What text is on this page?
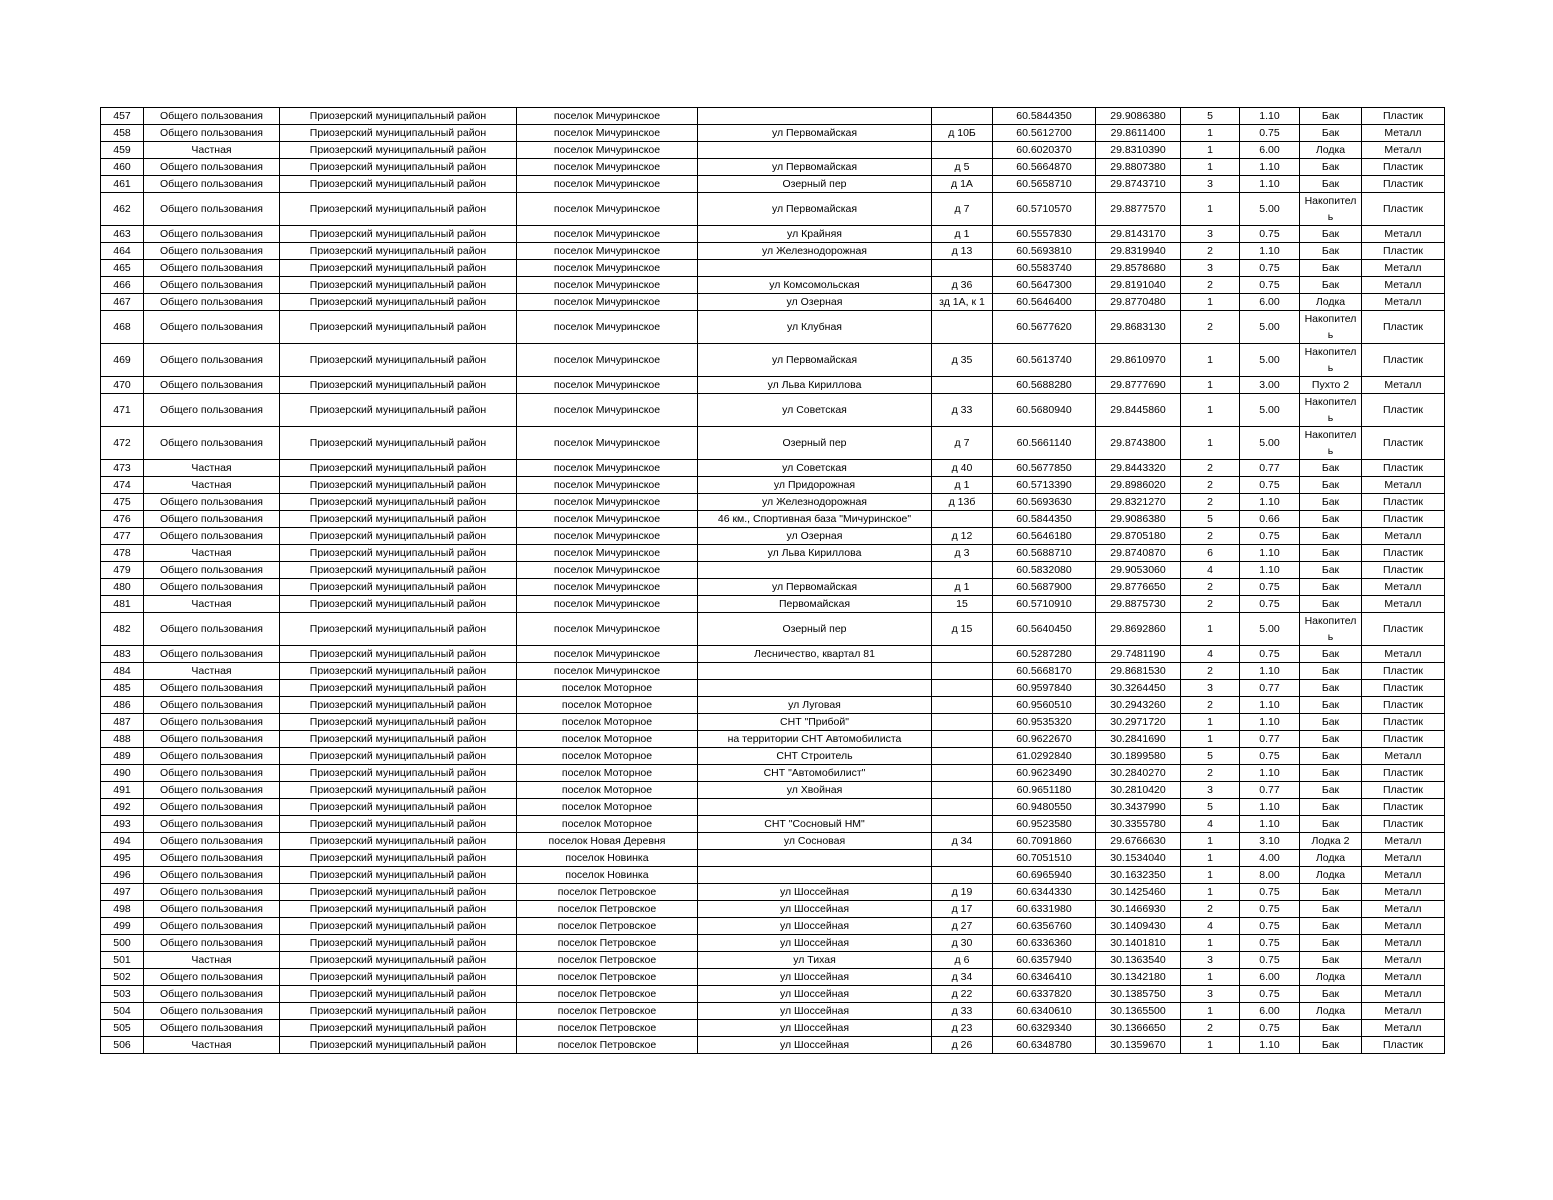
457	Общего пользования	Приозерский муниципальный район	поселок Мичуринское			60.5844350	29.9086380	5	1.10	Бак	Пластик
458	Общего пользования	Приозерский муниципальный район	поселок Мичуринское	ул Первомайская	д 10Б	60.5612700	29.8611400	1	0.75	Бак	Металл
459	Частная	Приозерский муниципальный район	поселок Мичуринское			60.6020370	29.8310390	1	6.00	Лодка	Металл
460	Общего пользования	Приозерский муниципальный район	поселок Мичуринское	ул Первомайская	д 5	60.5664870	29.8807380	1	1.10	Бак	Пластик
461	Общего пользования	Приозерский муниципальный район	поселок Мичуринское	Озерный пер	д 1А	60.5658710	29.8743710	3	1.10	Бак	Пластик
462	Общего пользования	Приозерский муниципальный район	поселок Мичуринское	ул Первомайская	д 7	60.5710570	29.8877570	1	5.00	Накопитель	Пластик
463	Общего пользования	Приозерский муниципальный район	поселок Мичуринское	ул Крайняя	д 1	60.5557830	29.8143170	3	0.75	Бак	Металл
464	Общего пользования	Приозерский муниципальный район	поселок Мичуринское	ул Железнодорожная	д 13	60.5693810	29.8319940	2	1.10	Бак	Пластик
465	Общего пользования	Приозерский муниципальный район	поселок Мичуринское			60.5583740	29.8578680	3	0.75	Бак	Металл
466	Общего пользования	Приозерский муниципальный район	поселок Мичуринское	ул Комсомольская	д 36	60.5647300	29.8191040	2	0.75	Бак	Металл
467	Общего пользования	Приозерский муниципальный район	поселок Мичуринское	ул Озерная	зд 1А, к 1	60.5646400	29.8770480	1	6.00	Лодка	Металл
468	Общего пользования	Приозерский муниципальный район	поселок Мичуринское	ул Клубная		60.5677620	29.8683130	2	5.00	Накопитель	Пластик
469	Общего пользования	Приозерский муниципальный район	поселок Мичуринское	ул Первомайская	д 35	60.5613740	29.8610970	1	5.00	Накопитель	Пластик
470	Общего пользования	Приозерский муниципальный район	поселок Мичуринское	ул Льва Кириллова		60.5688280	29.8777690	1	3.00	Пухто 2	Металл
471	Общего пользования	Приозерский муниципальный район	поселок Мичуринское	ул Советская	д 33	60.5680940	29.8445860	1	5.00	Накопитель	Пластик
472	Общего пользования	Приозерский муниципальный район	поселок Мичуринское	Озерный пер	д 7	60.5661140	29.8743800	1	5.00	Накопитель	Пластик
473	Частная	Приозерский муниципальный район	поселок Мичуринское	ул Советская	д 40	60.5677850	29.8443320	2	0.77	Бак	Пластик
474	Частная	Приозерский муниципальный район	поселок Мичуринское	ул Придорожная	д 1	60.5713390	29.8986020	2	0.75	Бак	Металл
475	Общего пользования	Приозерский муниципальный район	поселок Мичуринское	ул Железнодорожная	д 13б	60.5693630	29.8321270	2	1.10	Бак	Пластик
476	Общего пользования	Приозерский муниципальный район	поселок Мичуринское	46 км., Спортивная база "Мичуринское"		60.5844350	29.9086380	5	0.66	Бак	Пластик
477	Общего пользования	Приозерский муниципальный район	поселок Мичуринское	ул Озерная	д 12	60.5646180	29.8705180	2	0.75	Бак	Металл
478	Частная	Приозерский муниципальный район	поселок Мичуринское	ул Льва Кириллова	д 3	60.5688710	29.8740870	6	1.10	Бак	Пластик
479	Общего пользования	Приозерский муниципальный район	поселок Мичуринское			60.5832080	29.9053060	4	1.10	Бак	Пластик
480	Общего пользования	Приозерский муниципальный район	поселок Мичуринское	ул Первомайская	д 1	60.5687900	29.8776650	2	0.75	Бак	Металл
481	Частная	Приозерский муниципальный район	поселок Мичуринское	Первомайская	15	60.5710910	29.8875730	2	0.75	Бак	Металл
482	Общего пользования	Приозерский муниципальный район	поселок Мичуринское	Озерный пер	д 15	60.5640450	29.8692860	1	5.00	Накопитель	Пластик
483	Общего пользования	Приозерский муниципальный район	поселок Мичуринское	Лесничество, квартал 81		60.5287280	29.7481190	4	0.75	Бак	Металл
484	Частная	Приозерский муниципальный район	поселок Мичуринское			60.5668170	29.8681530	2	1.10	Бак	Пластик
485	Общего пользования	Приозерский муниципальный район	поселок Моторное			60.9597840	30.3264450	3	0.77	Бак	Пластик
486	Общего пользования	Приозерский муниципальный район	поселок Моторное	ул Луговая		60.9560510	30.2943260	2	1.10	Бак	Пластик
487	Общего пользования	Приозерский муниципальный район	поселок Моторное	СНТ "Прибой"		60.9535320	30.2971720	1	1.10	Бак	Пластик
488	Общего пользования	Приозерский муниципальный район	поселок Моторное	на территории СНТ Автомобилиста		60.9622670	30.2841690	1	0.77	Бак	Пластик
489	Общего пользования	Приозерский муниципальный район	поселок Моторное	СНТ Строитель		61.0292840	30.1899580	5	0.75	Бак	Металл
490	Общего пользования	Приозерский муниципальный район	поселок Моторное	СНТ "Автомобилист"		60.9623490	30.2840270	2	1.10	Бак	Пластик
491	Общего пользования	Приозерский муниципальный район	поселок Моторное	ул Хвойная		60.9651180	30.2810420	3	0.77	Бак	Пластик
492	Общего пользования	Приозерский муниципальный район	поселок Моторное			60.9480550	30.3437990	5	1.10	Бак	Пластик
493	Общего пользования	Приозерский муниципальный район	поселок Моторное	СНТ "Сосновый НМ"		60.9523580	30.3355780	4	1.10	Бак	Пластик
494	Общего пользования	Приозерский муниципальный район	поселок Новая Деревня	ул Сосновая	д 34	60.7091860	29.6766630	1	3.10	Лодка 2	Металл
495	Общего пользования	Приозерский муниципальный район	поселок Новинка			60.7051510	30.1534040	1	4.00	Лодка	Металл
496	Общего пользования	Приозерский муниципальный район	поселок Новинка			60.6965940	30.1632350	1	8.00	Лодка	Металл
497	Общего пользования	Приозерский муниципальный район	поселок Петровское	ул Шоссейная	д 19	60.6344330	30.1425460	1	0.75	Бак	Металл
498	Общего пользования	Приозерский муниципальный район	поселок Петровское	ул Шоссейная	д 17	60.6331980	30.1466930	2	0.75	Бак	Металл
499	Общего пользования	Приозерский муниципальный район	поселок Петровское	ул Шоссейная	д 27	60.6356760	30.1409430	4	0.75	Бак	Металл
500	Общего пользования	Приозерский муниципальный район	поселок Петровское	ул Шоссейная	д 30	60.6336360	30.1401810	1	0.75	Бак	Металл
501	Частная	Приозерский муниципальный район	поселок Петровское	ул Тихая	д 6	60.6357940	30.1363540	3	0.75	Бак	Металл
502	Общего пользования	Приозерский муниципальный район	поселок Петровское	ул Шоссейная	д 34	60.6346410	30.1342180	1	6.00	Лодка	Металл
503	Общего пользования	Приозерский муниципальный район	поселок Петровское	ул Шоссейная	д 22	60.6337820	30.1385750	3	0.75	Бак	Металл
504	Общего пользования	Приозерский муниципальный район	поселок Петровское	ул Шоссейная	д 33	60.6340610	30.1365500	1	6.00	Лодка	Металл
505	Общего пользования	Приозерский муниципальный район	поселок Петровское	ул Шоссейная	д 23	60.6329340	30.1366650	2	0.75	Бак	Металл
506	Частная	Приозерский муниципальный район	поселок Петровское	ул Шоссейная	д 26	60.6348780	30.1359670	1	1.10	Бак	Пластик
